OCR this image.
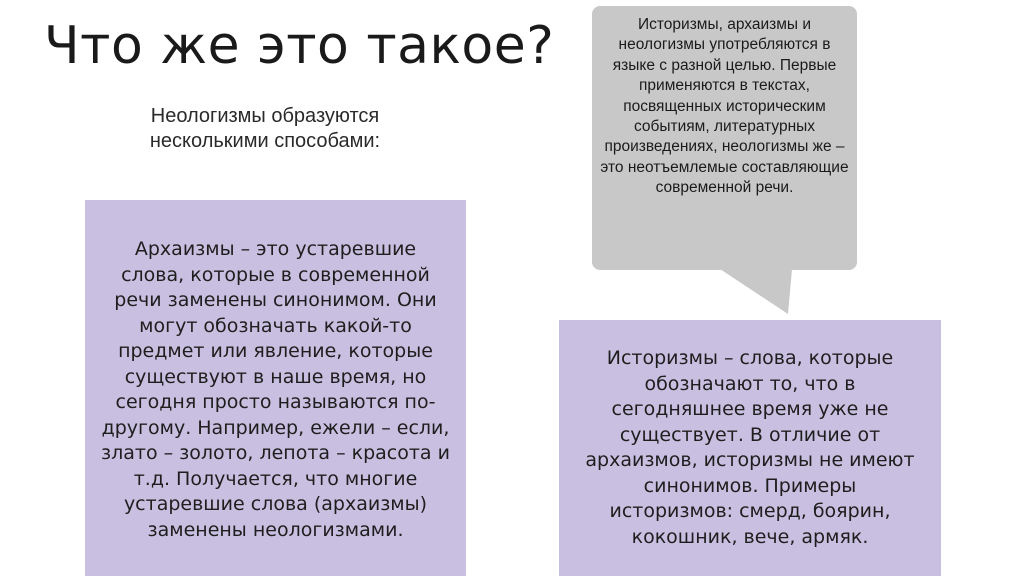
Что же это такое?
Неологизмы образуются несколькими способами:
Архаизмы – это устаревшие слова, которые в современной речи заменены синонимом. Они могут обозначать какой-то предмет или явление, которые существуют в наше время, но сегодня просто называются по-другому. Например, ежели – если, злато – золото, лепота – красота и т.д. Получается, что многие устаревшие слова (архаизмы) заменены неологизмами.
Историзмы, архаизмы и неологизмы употребляются в языке с разной целью. Первые применяются в текстах, посвященных историческим событиям, литературных произведениях, неологизмы же – это неотъемлемые составляющие современной речи.
Историзмы – слова, которые обозначают то, что в сегодняшнее время уже не существует. В отличие от архаизмов, историзмы не имеют синонимов. Примеры историзмов: смерд, боярин, кокошник, вече, армяк.
